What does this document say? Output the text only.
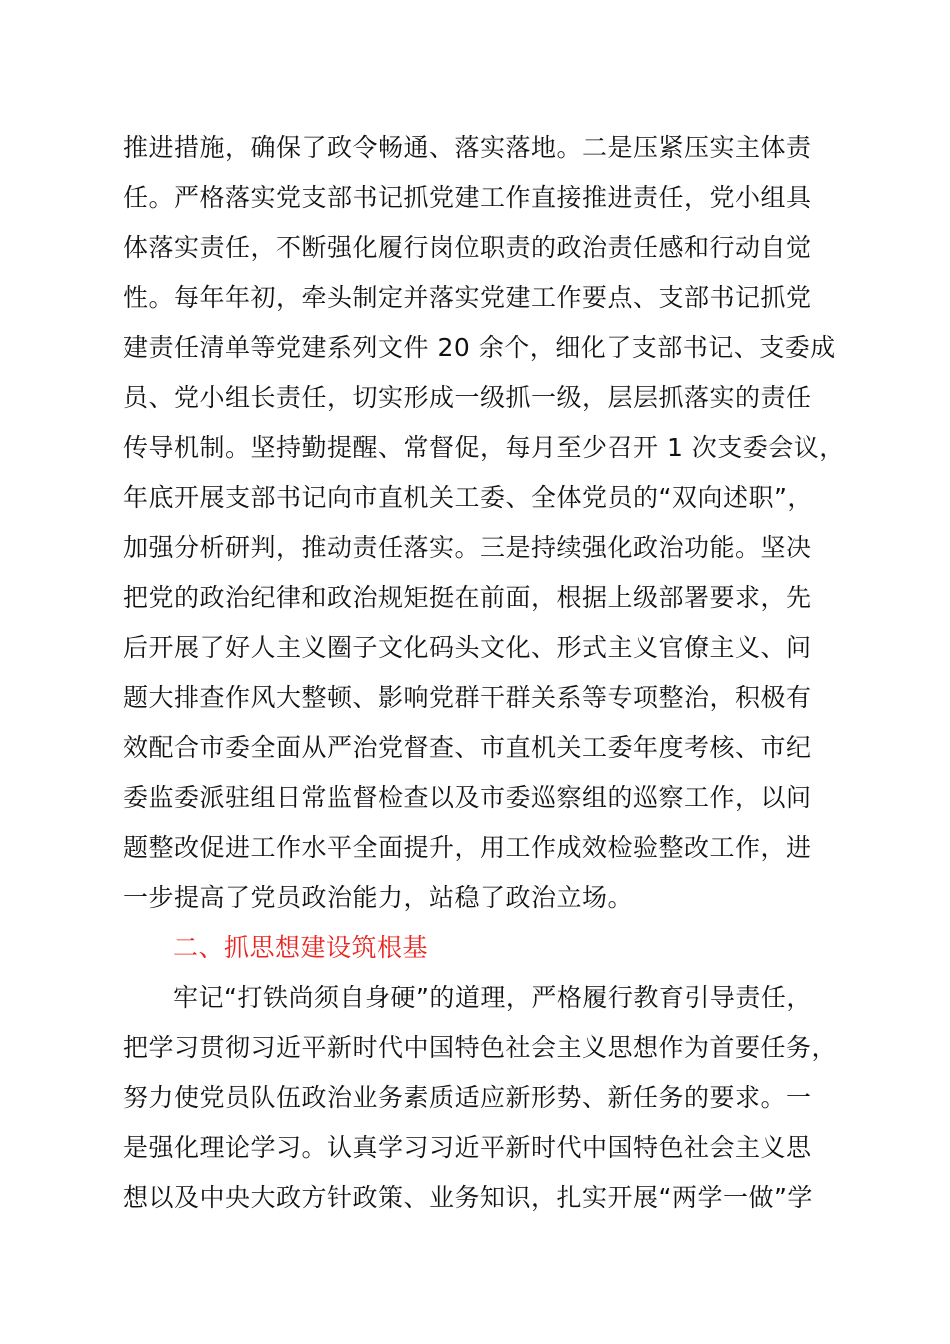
推进措施，确保了政令畅通、落实落地。二是压紧压实主体责
任。严格落实党支部书记抓党建工作直接推进责任，党小组具
体落实责任，不断强化履行岗位职责的政治责任感和行动自觉
性。每年年初，牵头制定并落实党建工作要点、支部书记抓党
建责任清单等党建系列文件 20 余个，细化了支部书记、支委成
员、党小组长责任，切实形成一级抓一级，层层抓落实的责任
传导机制。坚持勤提醒、常督促，每月至少召开 1 次支委会议，
年底开展支部书记向市直机关工委、全体党员的“双向述职”，
加强分析研判，推动责任落实。三是持续强化政治功能。坚决
把党的政治纪律和政治规矩挺在前面，根据上级部署要求，先
后开展了好人主义圈子文化码头文化、形式主义官僚主义、问
题大排查作风大整顿、影响党群干群关系等专项整治，积极有
效配合市委全面从严治党督查、市直机关工委年度考核、市纪
委监委派驻组日常监督检查以及市委巡察组的巡察工作，以问
题整改促进工作水平全面提升，用工作成效检验整改工作，进
一步提高了党员政治能力，站稳了政治立场。
二、抓思想建设筑根基
牢记“打铁尚须自身硬”的道理，严格履行教育引导责任，
把学习贯彻习近平新时代中国特色社会主义思想作为首要任务，
努力使党员队伍政治业务素质适应新形势、新任务的要求。一
是强化理论学习。认真学习习近平新时代中国特色社会主义思
想以及中央大政方针政策、业务知识，扎实开展“两学一做”学
